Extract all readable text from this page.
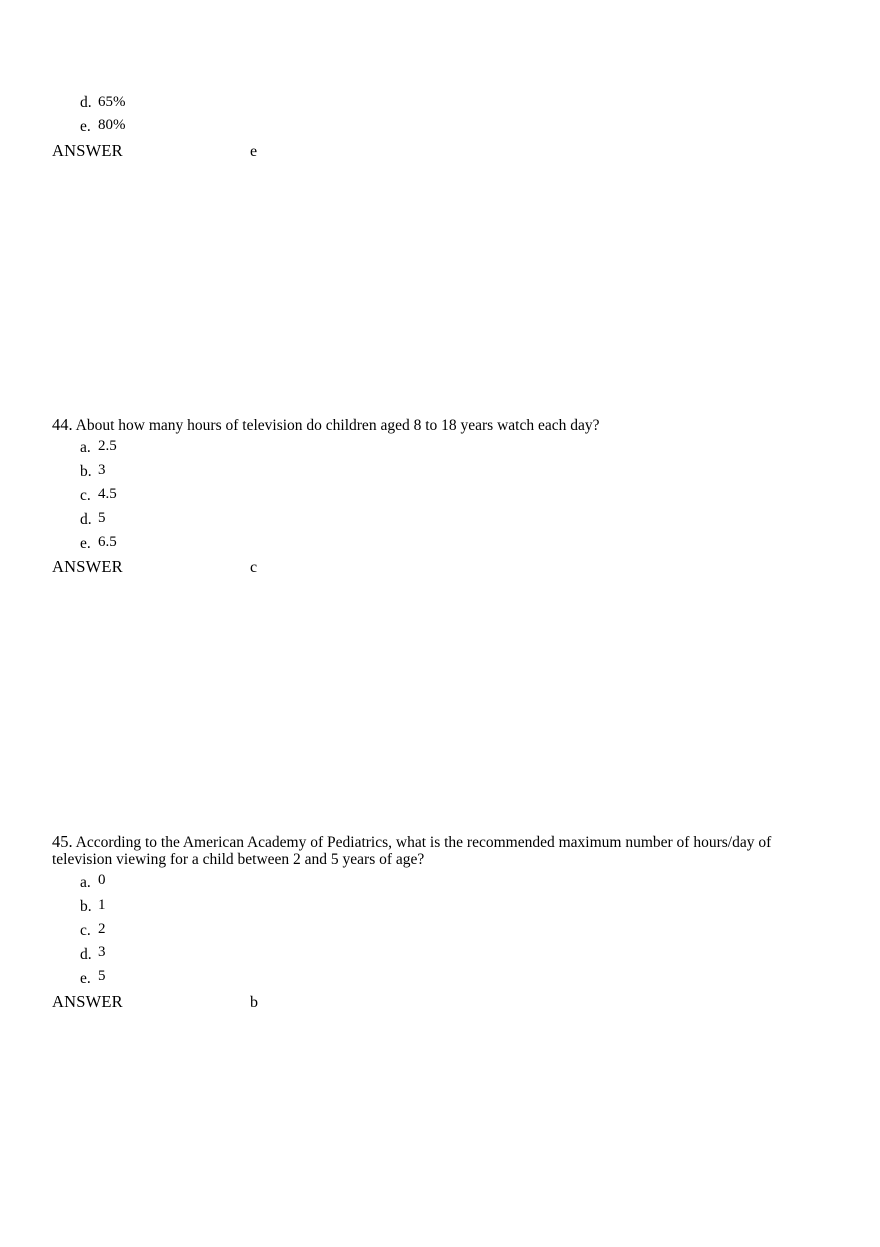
d. 65%
e. 80%
ANSWER	e
44. About how many hours of television do children aged 8 to 18 years watch each day?
a. 2.5
b. 3
c. 4.5
d. 5
e. 6.5
ANSWER	c
45. According to the American Academy of Pediatrics, what is the recommended maximum number of hours/day of
television viewing for a child between 2 and 5 years of age?
a. 0
b. 1
c. 2
d. 3
e. 5
ANSWER	b
